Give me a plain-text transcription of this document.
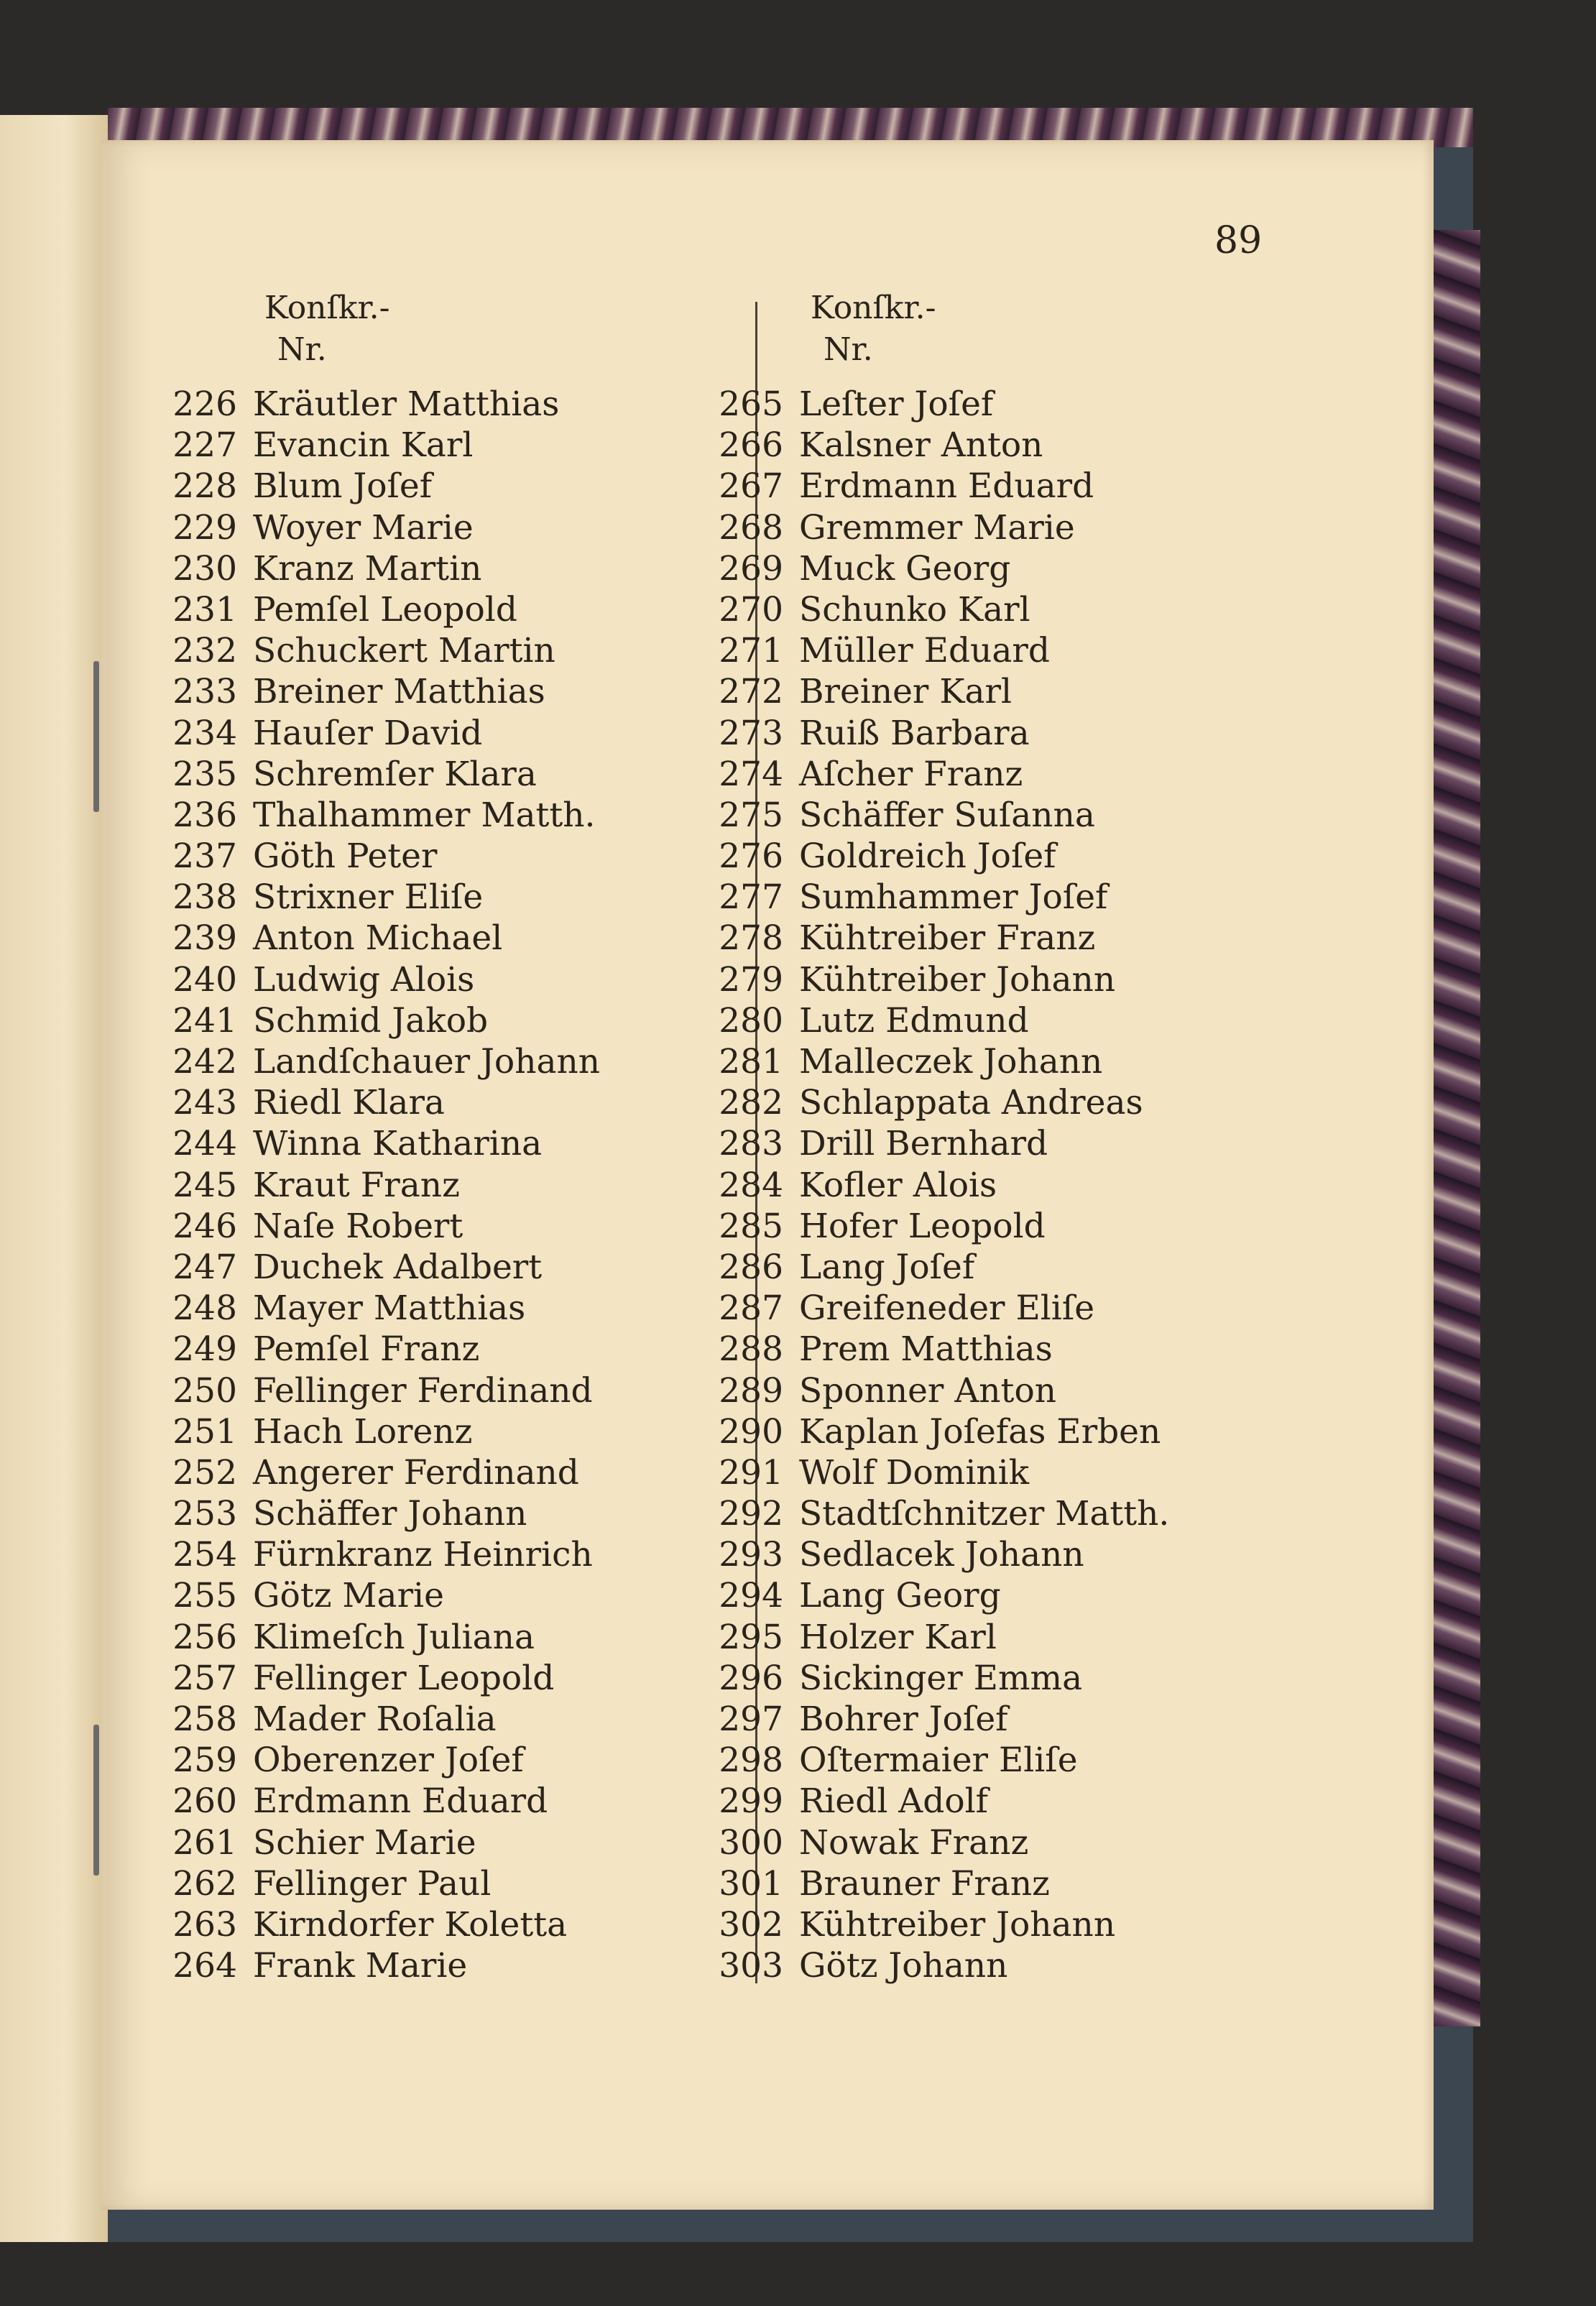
89
Konſkr.-
Nr.
Konſkr.-
Nr.
226 Kräutler Matthias
227 Evancin Karl
228 Blum Joſef
229 Woyer Marie
230 Kranz Martin
231 Pemſel Leopold
232 Schuckert Martin
233 Breiner Matthias
234 Hauſer David
235 Schremſer Klara
236 Thalhammer Matth.
237 Göth Peter
238 Strixner Eliſe
239 Anton Michael
240 Ludwig Alois
241 Schmid Jakob
242 Landſchauer Johann
243 Riedl Klara
244 Winna Katharina
245 Kraut Franz
246 Naſe Robert
247 Duchek Adalbert
248 Mayer Matthias
249 Pemſel Franz
250 Fellinger Ferdinand
251 Hach Lorenz
252 Angerer Ferdinand
253 Schäffer Johann
254 Fürnkranz Heinrich
255 Götz Marie
256 Klimeſch Juliana
257 Fellinger Leopold
258 Mader Roſalia
259 Oberenzer Joſef
260 Erdmann Eduard
261 Schier Marie
262 Fellinger Paul
263 Kirndorfer Koletta
264 Frank Marie
265 Leſter Joſef
266 Kalsner Anton
267 Erdmann Eduard
268 Gremmer Marie
269 Muck Georg
270 Schunko Karl
271 Müller Eduard
272 Breiner Karl
273 Ruiß Barbara
274 Aſcher Franz
275 Schäffer Suſanna
276 Goldreich Joſef
277 Sumhammer Joſef
278 Kühtreiber Franz
279 Kühtreiber Johann
280 Lutz Edmund
281 Malleczek Johann
282 Schlappata Andreas
283 Drill Bernhard
284 Kofler Alois
285 Hofer Leopold
286 Lang Joſef
287 Greifeneder Eliſe
288 Prem Matthias
289 Sponner Anton
290 Kaplan Joſefas Erben
291 Wolf Dominik
292 Stadtſchnitzer Matth.
293 Sedlacek Johann
294 Lang Georg
295 Holzer Karl
296 Sickinger Emma
297 Bohrer Joſef
298 Oſtermaier Eliſe
299 Riedl Adolf
300 Nowak Franz
301 Brauner Franz
302 Kühtreiber Johann
303 Götz Johann
